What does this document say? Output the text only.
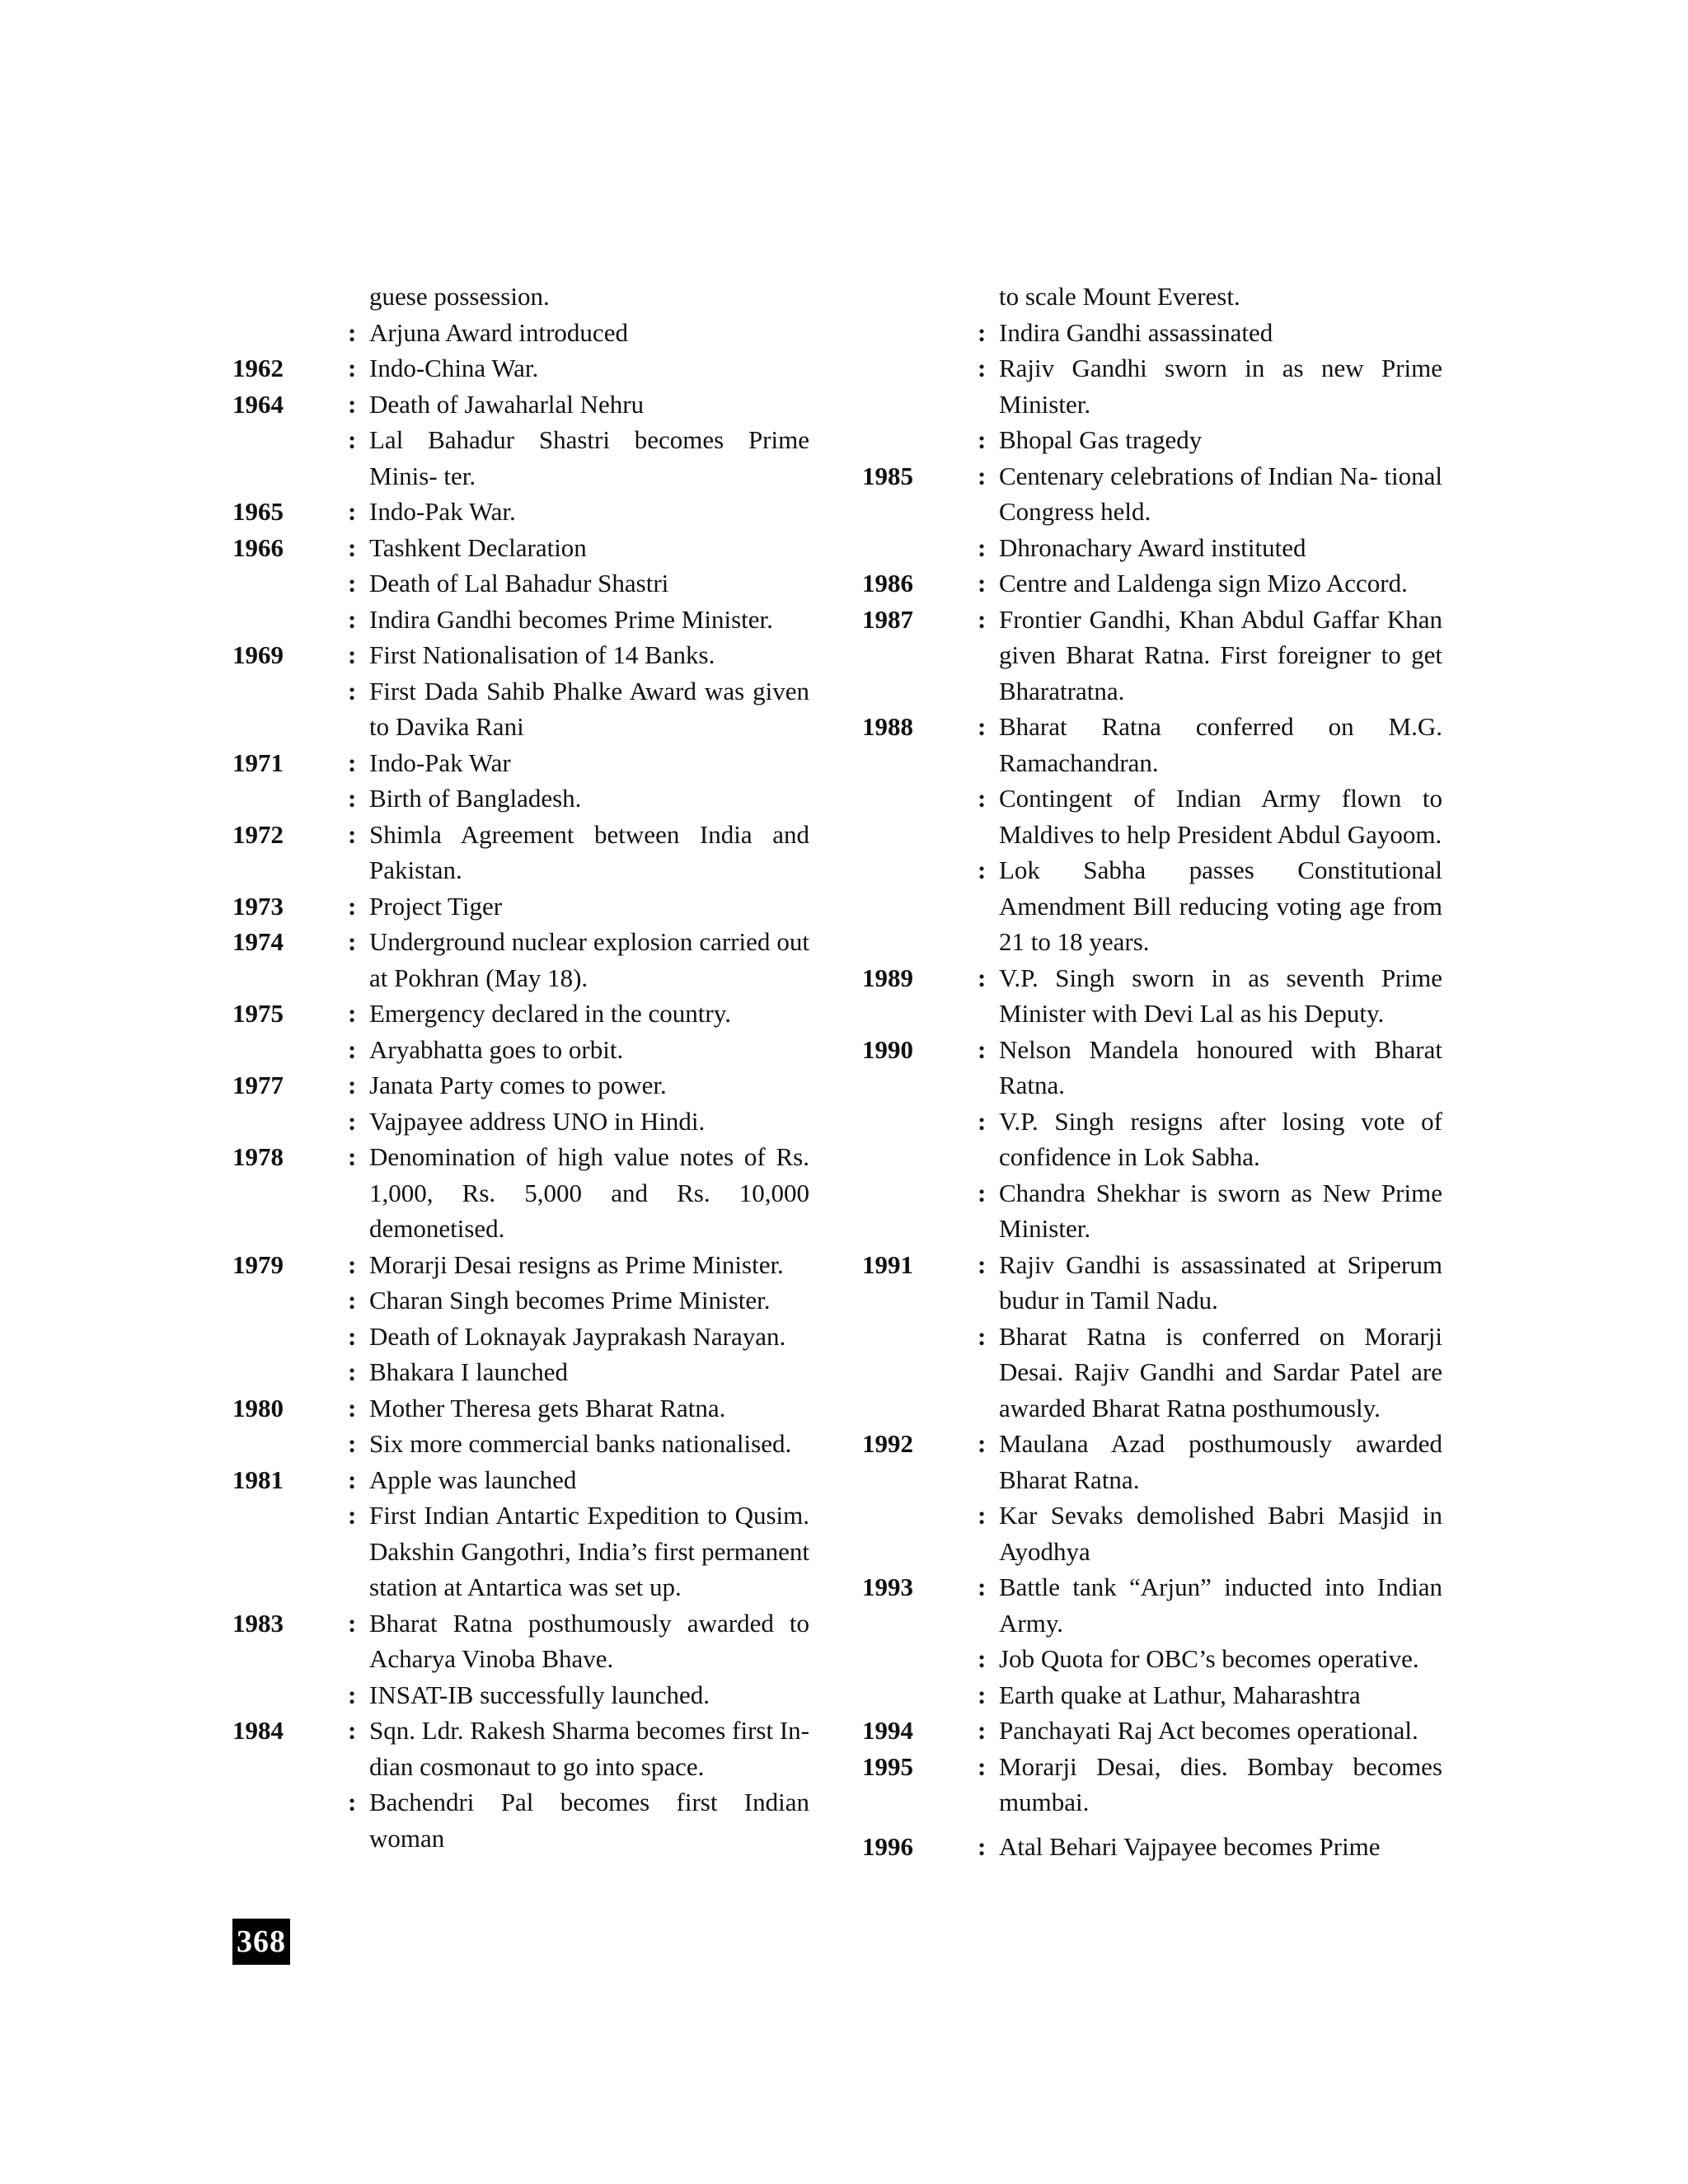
guese possession.
: Arjuna Award introduced
1962	: Indo-China War.
1964	: Death of Jawaharlal Nehru
: Lal Bahadur Shastri becomes Prime Minis- ter.
1965	: Indo-Pak War.
1966	: Tashkent Declaration
: Death of Lal Bahadur Shastri
: Indira Gandhi becomes Prime Minister.
1969	: First Nationalisation of 14 Banks.
: First Dada Sahib Phalke Award was given to Davika Rani
1971	: Indo-Pak War
: Birth of Bangladesh.
1972	: Shimla Agreement between India and Pakistan.
1973	: Project Tiger
1974	: Underground nuclear explosion carried out at Pokhran (May 18).
1975	: Emergency declared in the country.
: Aryabhatta goes to orbit.
1977	: Janata Party comes to power.
: Vajpayee address UNO in Hindi.
1978	: Denomination of high value notes of Rs. 1,000, Rs. 5,000 and Rs. 10,000 demonetised.
1979	: Morarji Desai resigns as Prime Minister.
: Charan Singh becomes Prime Minister.
: Death of Loknayak Jayprakash Narayan.
: Bhakara I launched
1980	: Mother Theresa gets Bharat Ratna.
: Six more commercial banks nationalised.
1981	: Apple was launched
: First Indian Antartic Expedition to Qusim. Dakshin Gangothri, India’s first permanent station at Antartica was set up.
1983	: Bharat Ratna posthumously awarded to Acharya Vinoba Bhave.
: INSAT-IB successfully launched.
1984	: Sqn. Ldr. Rakesh Sharma becomes first In- dian cosmonaut to go into space.
: Bachendri Pal becomes first Indian woman
to scale Mount Everest.
: Indira Gandhi assassinated
: Rajiv Gandhi sworn in as new Prime Minister.
: Bhopal Gas tragedy
1985	: Centenary celebrations of Indian Na- tional Congress held.
: Dhronachary Award instituted
1986	: Centre and Laldenga sign Mizo Accord.
1987	: Frontier Gandhi, Khan Abdul Gaffar Khan given Bharat Ratna. First foreigner to get Bharatratna.
1988	: Bharat Ratna conferred on M.G. Ramachandran.
: Contingent of Indian Army flown to Maldives to help President Abdul Gayoom.
: Lok Sabha passes Constitutional Amendment Bill reducing voting age from 21 to 18 years.
1989	: V.P. Singh sworn in as seventh Prime Minister with Devi Lal as his Deputy.
1990	: Nelson Mandela honoured with Bharat Ratna.
: V.P. Singh resigns after losing vote of confidence in Lok Sabha.
: Chandra Shekhar is sworn as New Prime Minister.
1991	: Rajiv Gandhi is assassinated at Sriperum budur in Tamil Nadu.
: Bharat Ratna is conferred on Morarji Desai. Rajiv Gandhi and Sardar Patel are awarded Bharat Ratna posthumously.
1992	: Maulana Azad posthumously awarded Bharat Ratna.
: Kar Sevaks demolished Babri Masjid in Ayodhya
1993	: Battle tank “Arjun” inducted into Indian Army.
: Job Quota for OBC’s becomes operative.
: Earth quake at Lathur, Maharashtra
1994	: Panchayati Raj Act becomes operational.
1995	: Morarji Desai, dies. Bombay becomes mumbai.
1996	: Atal Behari Vajpayee becomes Prime
368
